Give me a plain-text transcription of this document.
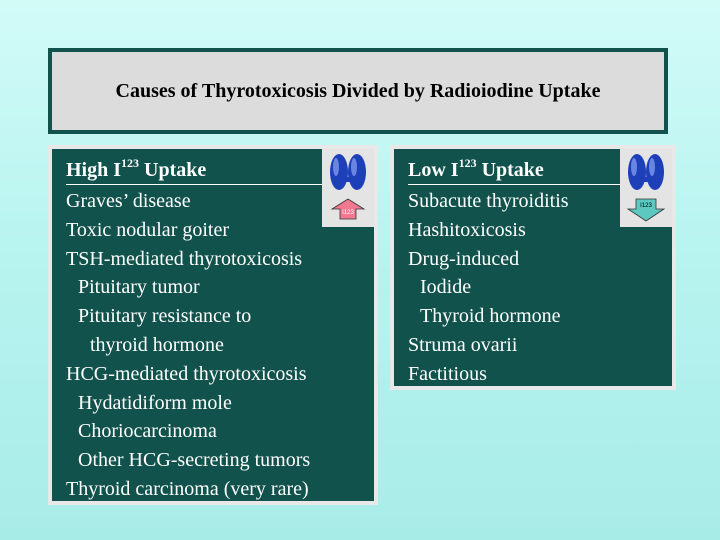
Causes of Thyrotoxicosis Divided by Radioiodine Uptake
High $I^{123}$ Uptake
I123
Graves’ disease
Toxic nodular goiter
TSH-mediated thyrotoxicosis
Pituitary tumor
Pituitary resistance to
thyroid hormone
HCG-mediated thyrotoxicosis
Hydatidiform mole
Choriocarcinoma
Other HCG-secreting tumors
Thyroid carcinoma (very rare)
Low $I^{123}$ Uptake
I123
Subacute thyroiditis
Hashitoxicosis
Drug-induced
Iodide
Thyroid hormone
Struma ovarii
Factitious
